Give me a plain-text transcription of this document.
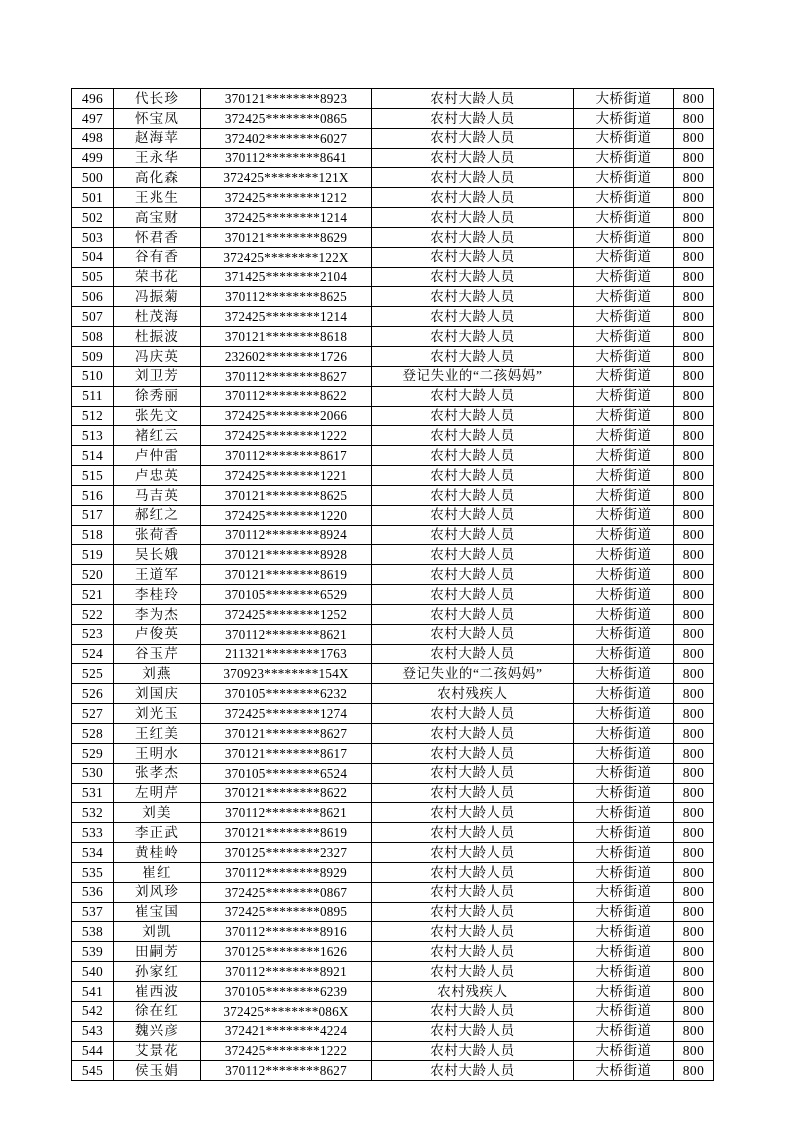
496	代长珍	370121********8923	农村大龄人员	大桥街道	800
497	怀宝凤	372425********0865	农村大龄人员	大桥街道	800
498	赵海苹	372402********6027	农村大龄人员	大桥街道	800
499	王永华	370112********8641	农村大龄人员	大桥街道	800
500	高化森	372425********121X	农村大龄人员	大桥街道	800
501	王兆生	372425********1212	农村大龄人员	大桥街道	800
502	高宝财	372425********1214	农村大龄人员	大桥街道	800
503	怀君香	370121********8629	农村大龄人员	大桥街道	800
504	谷有香	372425********122X	农村大龄人员	大桥街道	800
505	荣书花	371425********2104	农村大龄人员	大桥街道	800
506	冯振菊	370112********8625	农村大龄人员	大桥街道	800
507	杜茂海	372425********1214	农村大龄人员	大桥街道	800
508	杜振波	370121********8618	农村大龄人员	大桥街道	800
509	冯庆英	232602********1726	农村大龄人员	大桥街道	800
510	刘卫芳	370112********8627	登记失业的“二孩妈妈”	大桥街道	800
511	徐秀丽	370112********8622	农村大龄人员	大桥街道	800
512	张先文	372425********2066	农村大龄人员	大桥街道	800
513	褚红云	372425********1222	农村大龄人员	大桥街道	800
514	卢仲雷	370112********8617	农村大龄人员	大桥街道	800
515	卢忠英	372425********1221	农村大龄人员	大桥街道	800
516	马吉英	370121********8625	农村大龄人员	大桥街道	800
517	郝红之	372425********1220	农村大龄人员	大桥街道	800
518	张荷香	370112********8924	农村大龄人员	大桥街道	800
519	吴长娥	370121********8928	农村大龄人员	大桥街道	800
520	王道军	370121********8619	农村大龄人员	大桥街道	800
521	李桂玲	370105********6529	农村大龄人员	大桥街道	800
522	李为杰	372425********1252	农村大龄人员	大桥街道	800
523	卢俊英	370112********8621	农村大龄人员	大桥街道	800
524	谷玉芹	211321********1763	农村大龄人员	大桥街道	800
525	刘燕	370923********154X	登记失业的“二孩妈妈”	大桥街道	800
526	刘国庆	370105********6232	农村残疾人	大桥街道	800
527	刘光玉	372425********1274	农村大龄人员	大桥街道	800
528	王红美	370121********8627	农村大龄人员	大桥街道	800
529	王明水	370121********8617	农村大龄人员	大桥街道	800
530	张孝杰	370105********6524	农村大龄人员	大桥街道	800
531	左明芹	370121********8622	农村大龄人员	大桥街道	800
532	刘美	370112********8621	农村大龄人员	大桥街道	800
533	李正武	370121********8619	农村大龄人员	大桥街道	800
534	黄桂岭	370125********2327	农村大龄人员	大桥街道	800
535	崔红	370112********8929	农村大龄人员	大桥街道	800
536	刘风珍	372425********0867	农村大龄人员	大桥街道	800
537	崔宝国	372425********0895	农村大龄人员	大桥街道	800
538	刘凯	370112********8916	农村大龄人员	大桥街道	800
539	田嗣芳	370125********1626	农村大龄人员	大桥街道	800
540	孙家红	370112********8921	农村大龄人员	大桥街道	800
541	崔西波	370105********6239	农村残疾人	大桥街道	800
542	徐在红	372425********086X	农村大龄人员	大桥街道	800
543	魏兴彦	372421********4224	农村大龄人员	大桥街道	800
544	艾景花	372425********1222	农村大龄人员	大桥街道	800
545	侯玉娟	370112********8627	农村大龄人员	大桥街道	800
